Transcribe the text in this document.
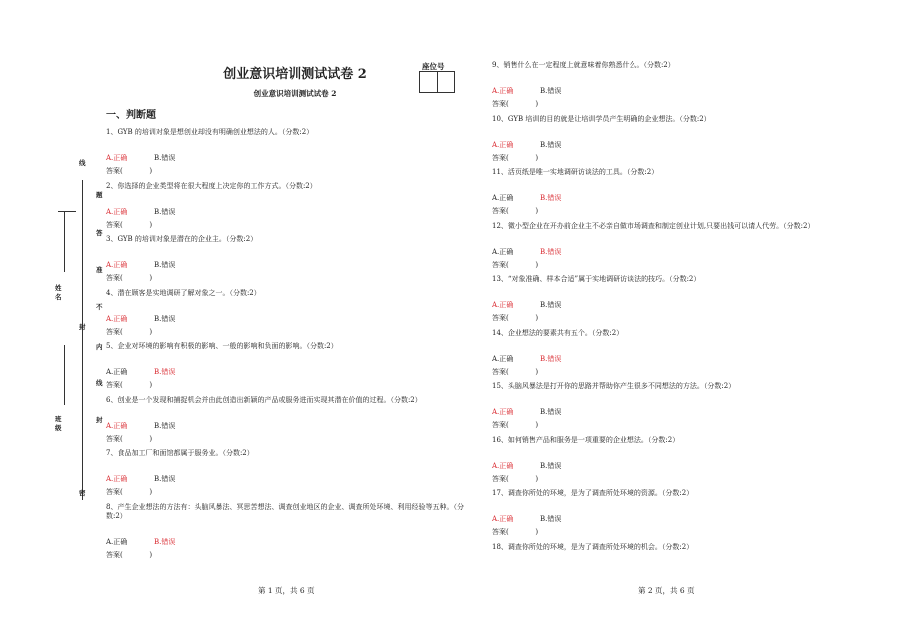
姓名
班级
线
题
答
准
不
封
内
线
封
密
创业意识培训测试试卷 2
创业意识培训测试试卷 2
座位号
一、判断题
1、GYB 的培训对象是想创业却没有明确创业想法的人。（分数:2）
A.正确	B.错误
答案(            )
2、你选择的企业类型将在很大程度上决定你的工作方式。（分数:2）
A.正确	B.错误
答案(            )
3、GYB 的培训对象是潜在的企业主。（分数:2）
A.正确	B.错误
答案(            )
4、潜在顾客是实地调研了解对象之一。（分数:2）
A.正确	B.错误
答案(            )
5、企业对环境的影响有积极的影响、一般的影响和负面的影响。（分数:2）
A.正确	B.错误
答案(            )
6、创业是一个发现和捕捉机会并由此创造出新颖的产品或服务进而实现其潜在价值的过程。（分数:2）
A.正确	B.错误
答案(            )
7、食品加工厂和面馆都属于服务业。（分数:2）
A.正确	B.错误
答案(            )
8、产生企业想法的方法有：头脑风暴法、冥思苦想法、调查创业地区的企业、调查所处环境、利用经验等五种。（分数:2）
A.正确	B.错误
答案(            )
9、销售什么在一定程度上就意味着你熟悉什么。（分数:2）
A.正确	B.错误
答案(            )
10、GYB 培训的目的就是让培训学员产生明确的企业想法。（分数:2）
A.正确	B.错误
答案(            )
11、活页纸是唯一实地调研访谈法的工具。（分数:2）
A.正确	B.错误
答案(            )
12、微小型企业在开办前企业主不必亲自做市场调查和制定创业计划,只要出钱可以请人代劳。（分数:2）
A.正确	B.错误
答案(            )
13、“对象准确、样本合适”属于实地调研访谈法的技巧。（分数:2）
A.正确	B.错误
答案(            )
14、企业想法的要素共有五个。（分数:2）
A.正确	B.错误
答案(            )
15、头脑风暴法是打开你的思路并帮助你产生很多不同想法的方法。（分数:2）
A.正确	B.错误
答案(            )
16、如何销售产品和服务是一项重要的企业想法。（分数:2）
A.正确	B.错误
答案(            )
17、调查你所处的环境，是为了调查所处环境的资源。（分数:2）
A.正确	B.错误
答案(            )
18、调查你所处的环境，是为了调查所处环境的机会。（分数:2）
第 1 页，共 6 页	第 2 页，共 6 页
